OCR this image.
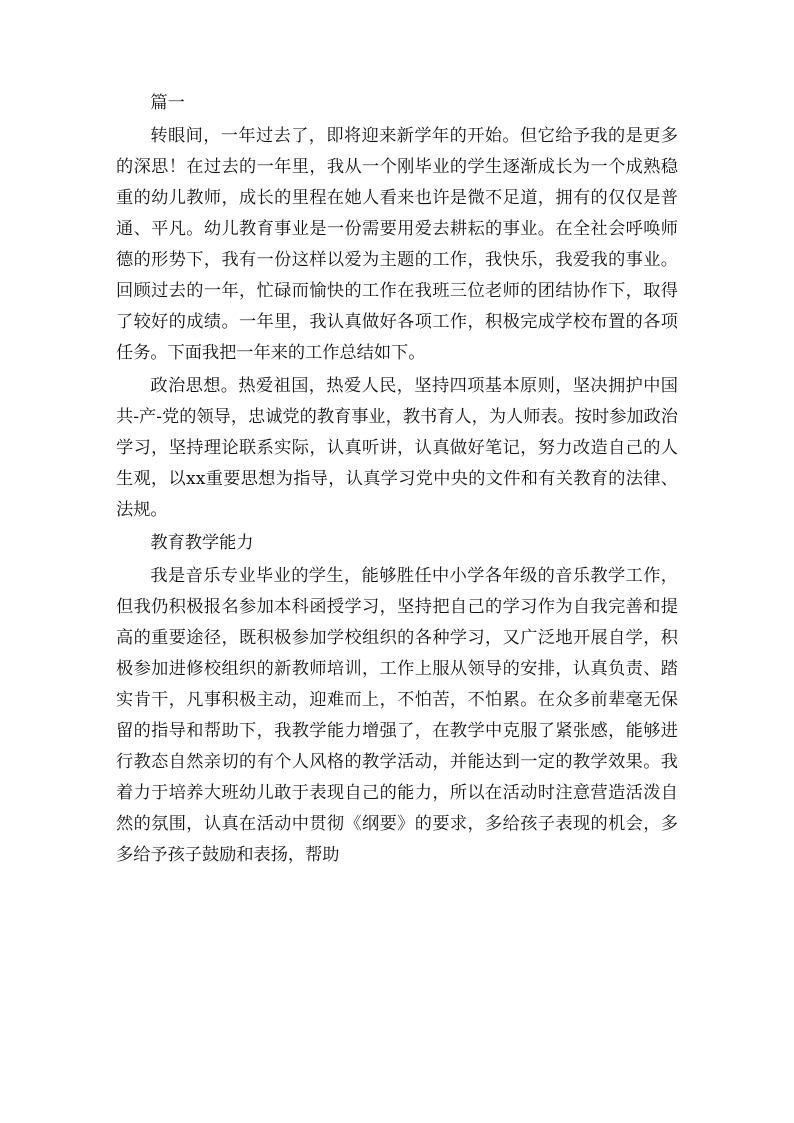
篇一

转眼间，一年过去了，即将迎来新学年的开始。但它给予我的是更多的深思！在过去的一年里，我从一个刚毕业的学生逐渐成长为一个成熟稳重的幼儿教师，成长的里程在她人看来也许是微不足道，拥有的仅仅是普通、平凡。幼儿教育事业是一份需要用爱去耕耘的事业。在全社会呼唤师德的形势下，我有一份这样以爱为主题的工作，我快乐，我爱我的事业。回顾过去的一年，忙碌而愉快的工作在我班三位老师的团结协作下，取得了较好的成绩。一年里，我认真做好各项工作，积极完成学校布置的各项任务。下面我把一年来的工作总结如下。

政治思想。热爱祖国，热爱人民，坚持四项基本原则，坚决拥护中国共-产-党的领导，忠诚党的教育事业，教书育人，为人师表。按时参加政治学习，坚持理论联系实际，认真听讲，认真做好笔记，努力改造自己的人生观，以xx重要思想为指导，认真学习党中央的文件和有关教育的法律、法规。

教育教学能力

我是音乐专业毕业的学生，能够胜任中小学各年级的音乐教学工作，但我仍积极报名参加本科函授学习，坚持把自己的学习作为自我完善和提高的重要途径，既积极参加学校组织的各种学习，又广泛地开展自学，积极参加进修校组织的新教师培训，工作上服从领导的安排，认真负责、踏实肯干，凡事积极主动，迎难而上，不怕苦，不怕累。在众多前辈毫无保留的指导和帮助下，我教学能力增强了，在教学中克服了紧张感，能够进行教态自然亲切的有个人风格的教学活动，并能达到一定的教学效果。我着力于培养大班幼儿敢于表现自己的能力，所以在活动时注意营造活泼自然的氛围，认真在活动中贯彻《纲要》的要求，多给孩子表现的机会，多多给予孩子鼓励和表扬，帮助
